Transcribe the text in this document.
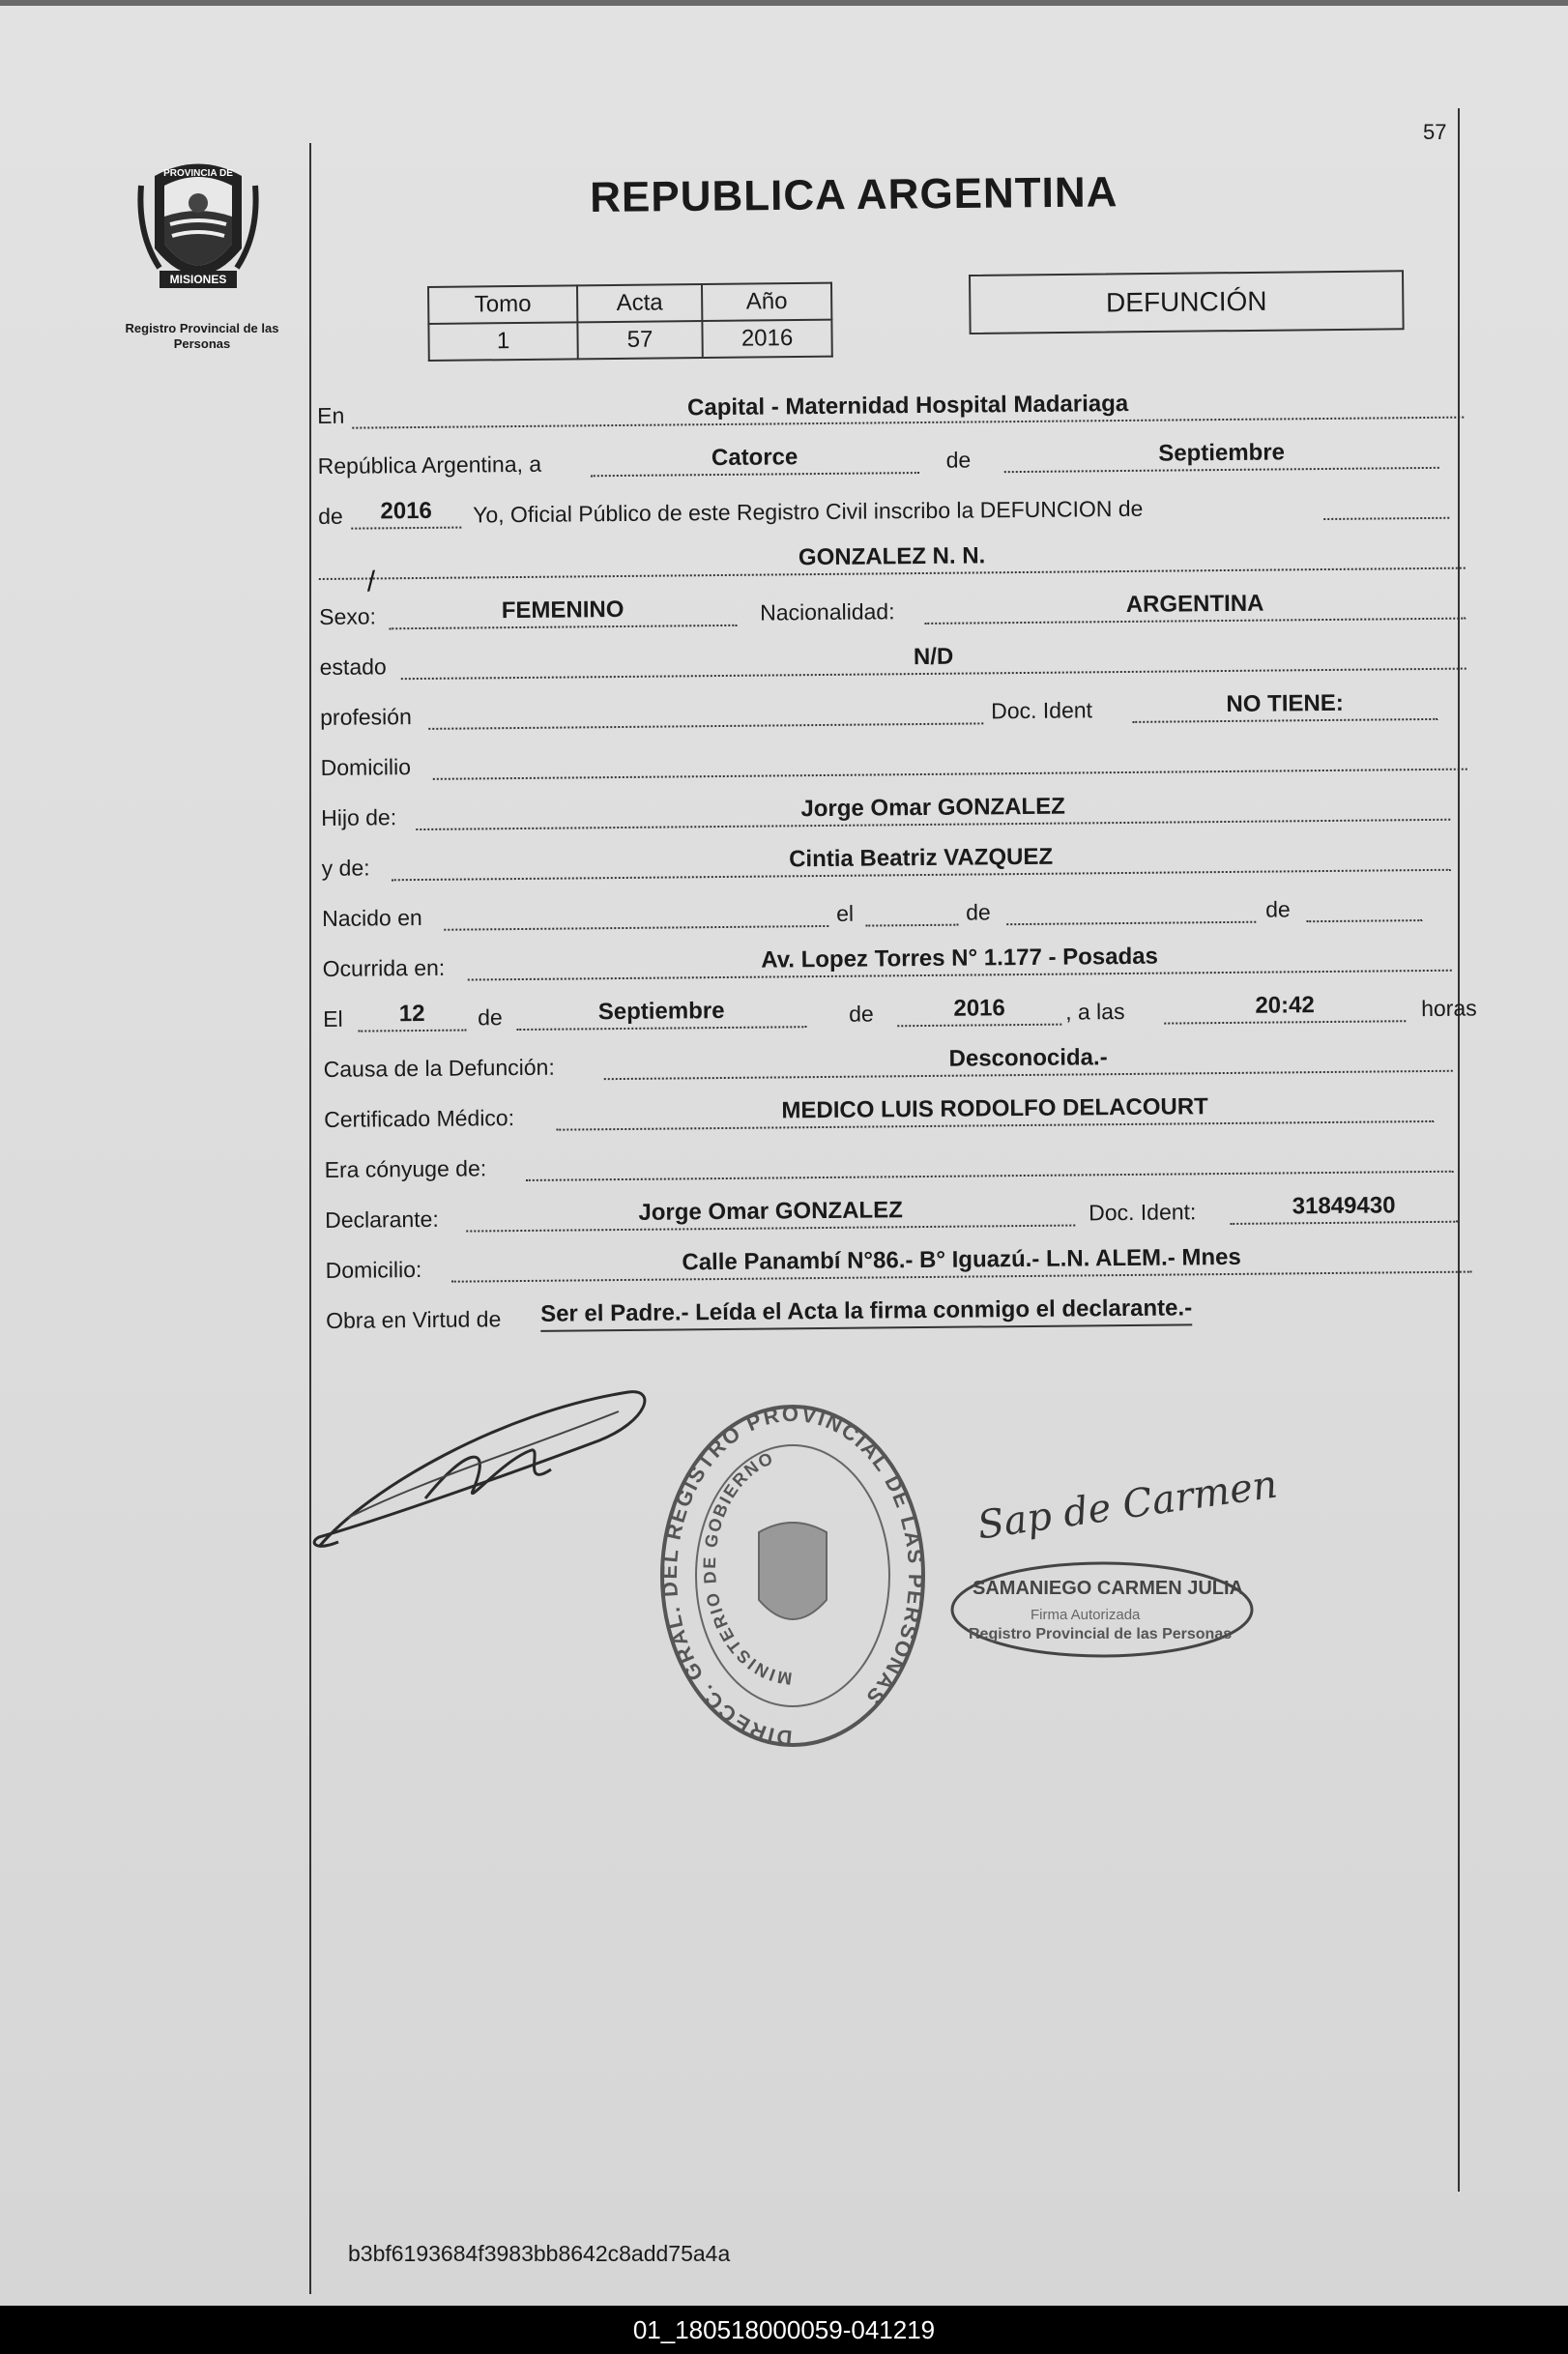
57
PROVINCIA DE
MISIONES
Registro Provincial de las Personas
REPUBLICA ARGENTINA
Tomo	Acta	Año
1	57	2016
DEFUNCIÓN
En	Capital - Maternidad Hospital Madariaga
República Argentina, a	Catorce	de	Septiembre
de	2016	Yo, Oficial Público de este Registro Civil inscribo la DEFUNCION de
/
GONZALEZ N. N.
Sexo:	FEMENINO	Nacionalidad:	ARGENTINA
estado	N/D
profesión	Doc. Ident	NO TIENE:
Domicilio
Hijo de:	Jorge Omar GONZALEZ
y de:	Cintia Beatriz VAZQUEZ
Nacido en	el	de	de
Ocurrida en:	Av. Lopez Torres N° 1.177 - Posadas
El	12	de	Septiembre	de	2016	, a las	20:42	horas
Causa de la Defunción:	Desconocida.-
Certificado Médico:	MEDICO LUIS RODOLFO DELACOURT
Era cónyuge de:
Declarante:	Jorge Omar GONZALEZ	Doc. Ident:	31849430
Domicilio:	Calle Panambí N°86.- B° Iguazú.- L.N. ALEM.- Mnes
Obra en Virtud de Ser el Padre.- Leída el Acta la firma conmigo el declarante.-
DIRECC. GRAL. DEL REGISTRO PROVINCIAL DE LAS PERSONAS
MINISTERIO DE GOBIERNO
Sap de Carmen
SAMANIEGO CARMEN JULIA
Firma Autorizada
Registro Provincial de las Personas
b3bf6193684f3983bb8642c8add75a4a
01_180518000059-041219
